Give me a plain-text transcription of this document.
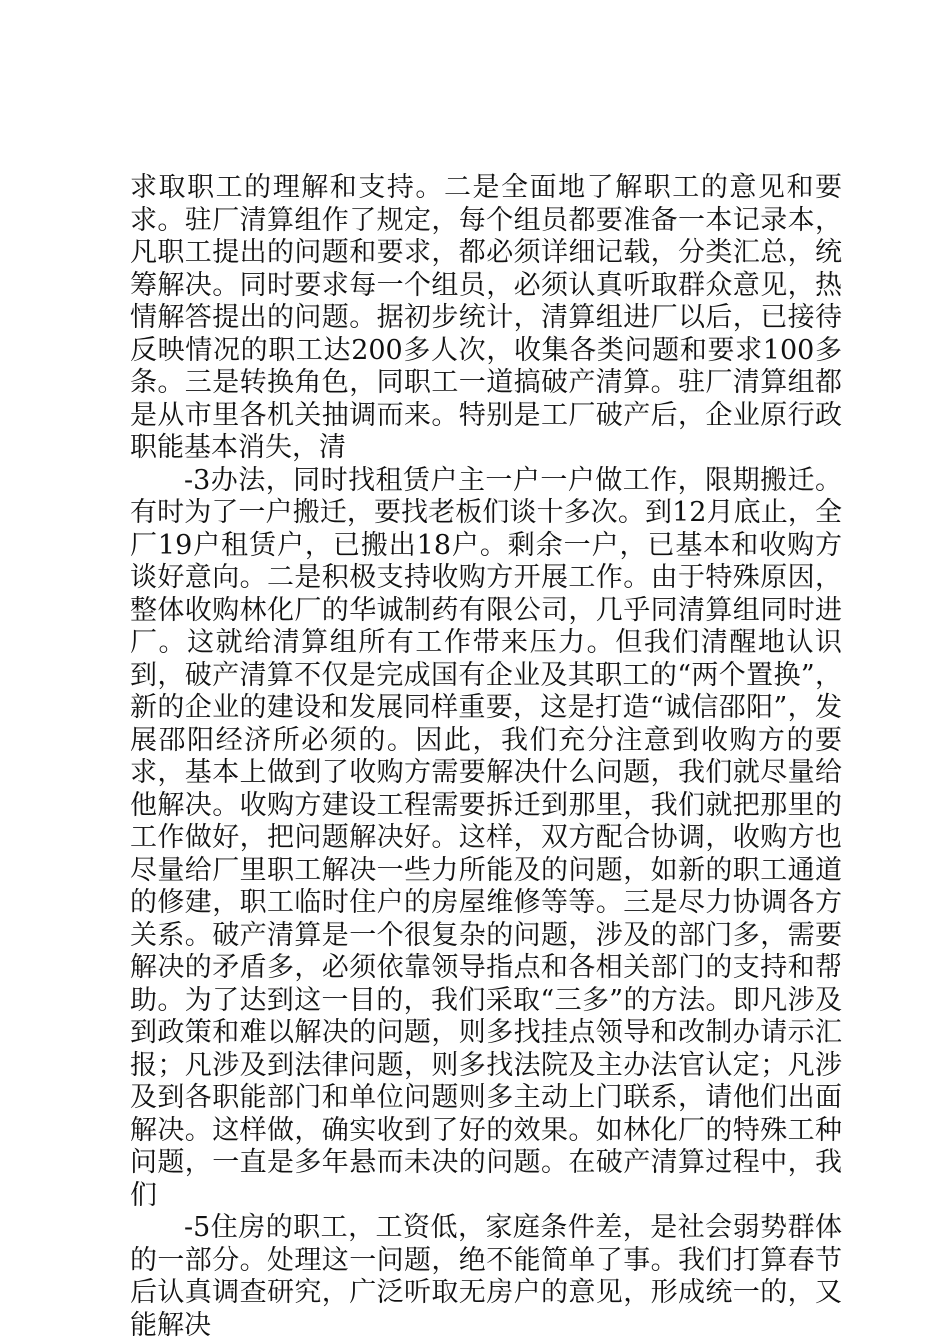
求取职工的理解和支持。二是全面地了解职工的意见和要求。驻厂清算组作了规定，每个组员都要准备一本记录本，凡职工提出的问题和要求，都必须详细记载，分类汇总，统筹解决。同时要求每一个组员，必须认真听取群众意见，热情解答提出的问题。据初步统计，清算组进厂以后，已接待反映情况的职工达200多人次，收集各类问题和要求100多条。三是转换角色，同职工一道搞破产清算。驻厂清算组都是从市里各机关抽调而来。特别是工厂破产后，企业原行政职能基本消失，清

-3办法，同时找租赁户主一户一户做工作，限期搬迁。有时为了一户搬迁，要找老板们谈十多次。到12月底止，全厂19户租赁户，已搬出18户。剩余一户，已基本和收购方谈好意向。二是积极支持收购方开展工作。由于特殊原因，整体收购林化厂的华诚制药有限公司，几乎同清算组同时进厂。这就给清算组所有工作带来压力。但我们清醒地认识到，破产清算不仅是完成国有企业及其职工的“两个置换”，新的企业的建设和发展同样重要，这是打造“诚信邵阳”，发展邵阳经济所必须的。因此，我们充分注意到收购方的要求，基本上做到了收购方需要解决什么问题，我们就尽量给他解决。收购方建设工程需要拆迁到那里，我们就把那里的工作做好，把问题解决好。这样，双方配合协调，收购方也尽量给厂里职工解决一些力所能及的问题，如新的职工通道的修建，职工临时住户的房屋维修等等。三是尽力协调各方关系。破产清算是一个很复杂的问题，涉及的部门多，需要解决的矛盾多，必须依靠领导指点和各相关部门的支持和帮助。为了达到这一目的，我们采取“三多”的方法。即凡涉及到政策和难以解决的问题，则多找挂点领导和改制办请示汇报；凡涉及到法律问题，则多找法院及主办法官认定；凡涉及到各职能部门和单位问题则多主动上门联系，请他们出面解决。这样做，确实收到了好的效果。如林化厂的特殊工种问题，一直是多年悬而未决的问题。在破产清算过程中，我们

-5住房的职工，工资低，家庭条件差，是社会弱势群体的一部分。处理这一问题，绝不能简单了事。我们打算春节后认真调查研究，广泛听取无房户的意见，形成统一的，又能解决
